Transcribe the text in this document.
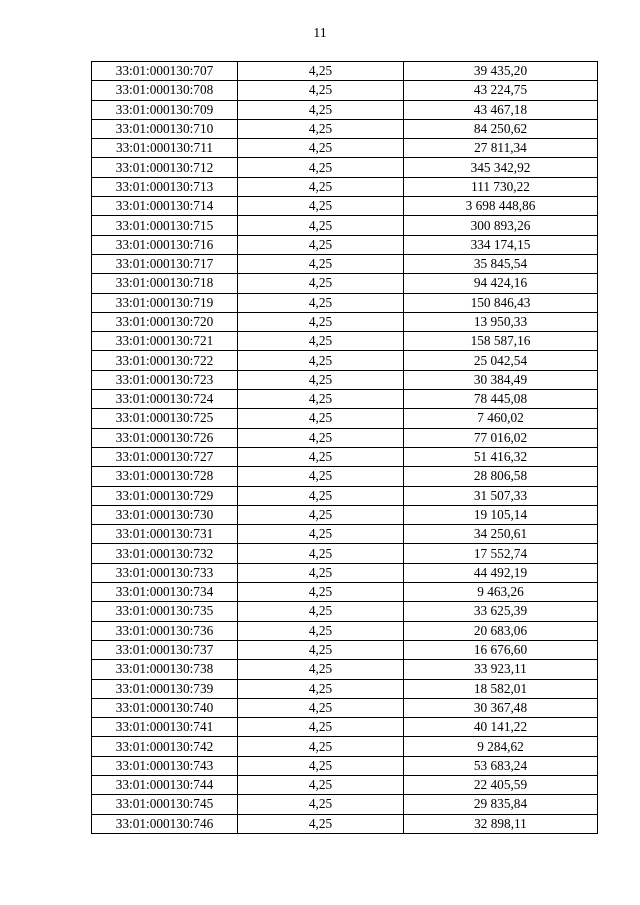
11
33:01:000130:707	4,25	39 435,20
33:01:000130:708	4,25	43 224,75
33:01:000130:709	4,25	43 467,18
33:01:000130:710	4,25	84 250,62
33:01:000130:711	4,25	27 811,34
33:01:000130:712	4,25	345 342,92
33:01:000130:713	4,25	111 730,22
33:01:000130:714	4,25	3 698 448,86
33:01:000130:715	4,25	300 893,26
33:01:000130:716	4,25	334 174,15
33:01:000130:717	4,25	35 845,54
33:01:000130:718	4,25	94 424,16
33:01:000130:719	4,25	150 846,43
33:01:000130:720	4,25	13 950,33
33:01:000130:721	4,25	158 587,16
33:01:000130:722	4,25	25 042,54
33:01:000130:723	4,25	30 384,49
33:01:000130:724	4,25	78 445,08
33:01:000130:725	4,25	7 460,02
33:01:000130:726	4,25	77 016,02
33:01:000130:727	4,25	51 416,32
33:01:000130:728	4,25	28 806,58
33:01:000130:729	4,25	31 507,33
33:01:000130:730	4,25	19 105,14
33:01:000130:731	4,25	34 250,61
33:01:000130:732	4,25	17 552,74
33:01:000130:733	4,25	44 492,19
33:01:000130:734	4,25	9 463,26
33:01:000130:735	4,25	33 625,39
33:01:000130:736	4,25	20 683,06
33:01:000130:737	4,25	16 676,60
33:01:000130:738	4,25	33 923,11
33:01:000130:739	4,25	18 582,01
33:01:000130:740	4,25	30 367,48
33:01:000130:741	4,25	40 141,22
33:01:000130:742	4,25	9 284,62
33:01:000130:743	4,25	53 683,24
33:01:000130:744	4,25	22 405,59
33:01:000130:745	4,25	29 835,84
33:01:000130:746	4,25	32 898,11
